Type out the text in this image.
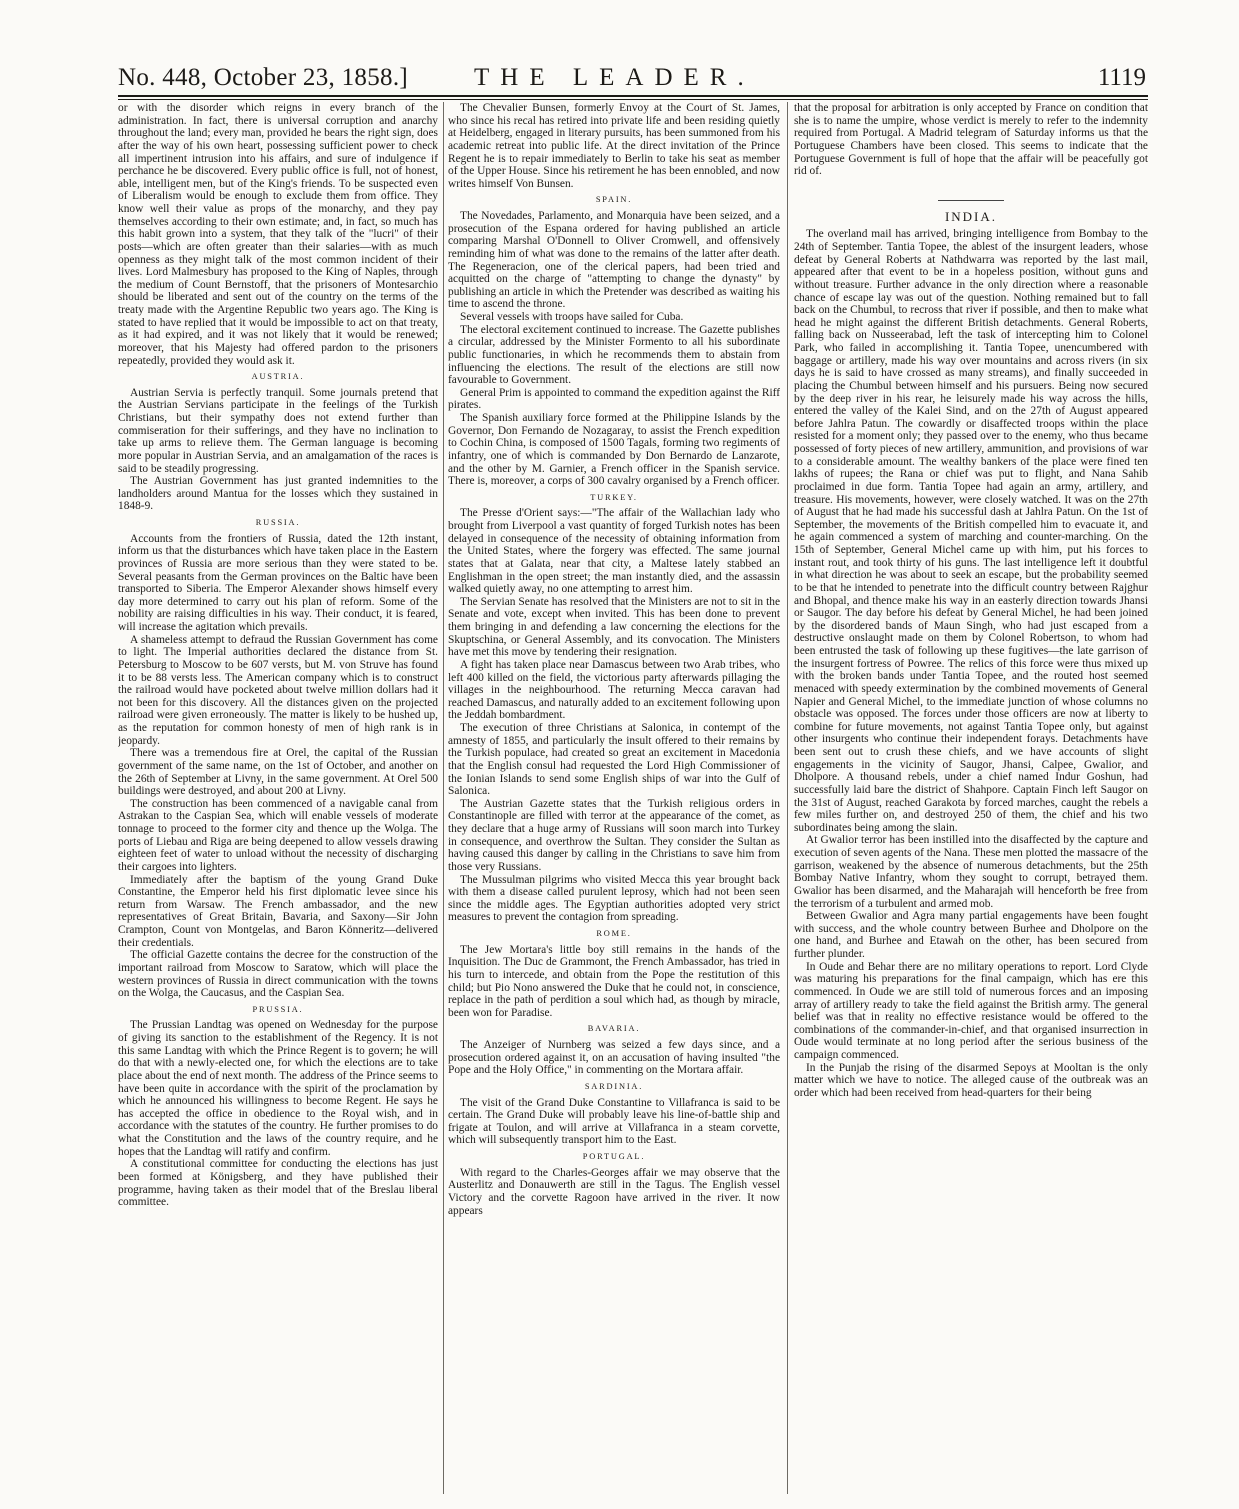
No. 448, October 23, 1858.]	THE LEADER.	1119

or with the disorder which reigns in every branch of the administration. In fact, there is universal corruption and anarchy throughout the land; every man, provided he bears the right sign, does after the way of his own heart, possessing sufficient power to check all impertinent intrusion into his affairs, and sure of indulgence if perchance he be discovered. Every public office is full, not of honest, able, intelligent men, but of the King's friends. To be suspected even of Liberalism would be enough to exclude them from office. They know well their value as props of the monarchy, and they pay themselves according to their own estimate; and, in fact, so much has this habit grown into a system, that they talk of the "lucri" of their posts—which are often greater than their salaries—with as much openness as they might talk of the most common incident of their lives. Lord Malmesbury has proposed to the King of Naples, through the medium of Count Bernstoff, that the prisoners of Montesarchio should be liberated and sent out of the country on the terms of the treaty made with the Argentine Republic two years ago. The King is stated to have replied that it would be impossible to act on that treaty, as it had expired, and it was not likely that it would be renewed; moreover, that his Majesty had offered pardon to the prisoners repeatedly, provided they would ask it.

AUSTRIA.

Austrian Servia is perfectly tranquil. Some journals pretend that the Austrian Servians participate in the feelings of the Turkish Christians, but their sympathy does not extend further than commiseration for their sufferings, and they have no inclination to take up arms to relieve them. The German language is becoming more popular in Austrian Servia, and an amalgamation of the races is said to be steadily progressing.

The Austrian Government has just granted indemnities to the landholders around Mantua for the losses which they sustained in 1848-9.

RUSSIA.

Accounts from the frontiers of Russia, dated the 12th instant, inform us that the disturbances which have taken place in the Eastern provinces of Russia are more serious than they were stated to be. Several peasants from the German provinces on the Baltic have been transported to Siberia. The Emperor Alexander shows himself every day more determined to carry out his plan of reform. Some of the nobility are raising difficulties in his way. Their conduct, it is feared, will increase the agitation which prevails.

A shameless attempt to defraud the Russian Government has come to light. The Imperial authorities declared the distance from St. Petersburg to Moscow to be 607 versts, but M. von Struve has found it to be 88 versts less. The American company which is to construct the railroad would have pocketed about twelve million dollars had it not been for this discovery. All the distances given on the projected railroad were given erroneously. The matter is likely to be hushed up, as the reputation for common honesty of men of high rank is in jeopardy.

There was a tremendous fire at Orel, the capital of the Russian government of the same name, on the 1st of October, and another on the 26th of September at Livny, in the same government. At Orel 500 buildings were destroyed, and about 200 at Livny.

The construction has been commenced of a navigable canal from Astrakan to the Caspian Sea, which will enable vessels of moderate tonnage to proceed to the former city and thence up the Wolga. The ports of Liebau and Riga are being deepened to allow vessels drawing eighteen feet of water to unload without the necessity of discharging their cargoes into lighters.

Immediately after the baptism of the young Grand Duke Constantine, the Emperor held his first diplomatic levee since his return from Warsaw. The French ambassador, and the new representatives of Great Britain, Bavaria, and Saxony—Sir John Crampton, Count von Montgelas, and Baron Könneritz—delivered their credentials.

The official Gazette contains the decree for the construction of the important railroad from Moscow to Saratow, which will place the western provinces of Russia in direct communication with the towns on the Wolga, the Caucasus, and the Caspian Sea.

PRUSSIA.

The Prussian Landtag was opened on Wednesday for the purpose of giving its sanction to the establishment of the Regency. It is not this same Landtag with which the Prince Regent is to govern; he will do that with a newly-elected one, for which the elections are to take place about the end of next month. The address of the Prince seems to have been quite in accordance with the spirit of the proclamation by which he announced his willingness to become Regent. He says he has accepted the office in obedience to the Royal wish, and in accordance with the statutes of the country. He further promises to do what the Constitution and the laws of the country require, and he hopes that the Landtag will ratify and confirm.

A constitutional committee for conducting the elections has just been formed at Königsberg, and they have published their programme, having taken as their model that of the Breslau liberal committee.

The Chevalier Bunsen, formerly Envoy at the Court of St. James, who since his recal has retired into private life and been residing quietly at Heidelberg, engaged in literary pursuits, has been summoned from his academic retreat into public life. At the direct invitation of the Prince Regent he is to repair immediately to Berlin to take his seat as member of the Upper House. Since his retirement he has been ennobled, and now writes himself Von Bunsen.

SPAIN.

The Novedades, Parlamento, and Monarquia have been seized, and a prosecution of the Espana ordered for having published an article comparing Marshal O'Donnell to Oliver Cromwell, and offensively reminding him of what was done to the remains of the latter after death. The Regeneracion, one of the clerical papers, had been tried and acquitted on the charge of "attempting to change the dynasty" by publishing an article in which the Pretender was described as waiting his time to ascend the throne.

Several vessels with troops have sailed for Cuba.

The electoral excitement continued to increase. The Gazette publishes a circular, addressed by the Minister Formento to all his subordinate public functionaries, in which he recommends them to abstain from influencing the elections. The result of the elections are still now favourable to Government.

General Prim is appointed to command the expedition against the Riff pirates.

The Spanish auxiliary force formed at the Philippine Islands by the Governor, Don Fernando de Nozagaray, to assist the French expedition to Cochin China, is composed of 1500 Tagals, forming two regiments of infantry, one of which is commanded by Don Bernardo de Lanzarote, and the other by M. Garnier, a French officer in the Spanish service. There is, moreover, a corps of 300 cavalry organised by a French officer.

TURKEY.

The Presse d'Orient says:—"The affair of the Wallachian lady who brought from Liverpool a vast quantity of forged Turkish notes has been delayed in consequence of the necessity of obtaining information from the United States, where the forgery was effected. The same journal states that at Galata, near that city, a Maltese lately stabbed an Englishman in the open street; the man instantly died, and the assassin walked quietly away, no one attempting to arrest him.

The Servian Senate has resolved that the Ministers are not to sit in the Senate and vote, except when invited. This has been done to prevent them bringing in and defending a law concerning the elections for the Skuptschina, or General Assembly, and its convocation. The Ministers have met this move by tendering their resignation.

A fight has taken place near Damascus between two Arab tribes, who left 400 killed on the field, the victorious party afterwards pillaging the villages in the neighbourhood. The returning Mecca caravan had reached Damascus, and naturally added to an excitement following upon the Jeddah bombardment.

The execution of three Christians at Salonica, in contempt of the amnesty of 1855, and particularly the insult offered to their remains by the Turkish populace, had created so great an excitement in Macedonia that the English consul had requested the Lord High Commissioner of the Ionian Islands to send some English ships of war into the Gulf of Salonica.

The Austrian Gazette states that the Turkish religious orders in Constantinople are filled with terror at the appearance of the comet, as they declare that a huge army of Russians will soon march into Turkey in consequence, and overthrow the Sultan. They consider the Sultan as having caused this danger by calling in the Christians to save him from those very Russians.

The Mussulman pilgrims who visited Mecca this year brought back with them a disease called purulent leprosy, which had not been seen since the middle ages. The Egyptian authorities adopted very strict measures to prevent the contagion from spreading.

ROME.

The Jew Mortara's little boy still remains in the hands of the Inquisition. The Duc de Grammont, the French Ambassador, has tried in his turn to intercede, and obtain from the Pope the restitution of this child; but Pio Nono answered the Duke that he could not, in conscience, replace in the path of perdition a soul which had, as though by miracle, been won for Paradise.

BAVARIA.

The Anzeiger of Nurnberg was seized a few days since, and a prosecution ordered against it, on an accusation of having insulted "the Pope and the Holy Office," in commenting on the Mortara affair.

SARDINIA.

The visit of the Grand Duke Constantine to Villafranca is said to be certain. The Grand Duke will probably leave his line-of-battle ship and frigate at Toulon, and will arrive at Villafranca in a steam corvette, which will subsequently transport him to the East.

PORTUGAL.

With regard to the Charles-Georges affair we may observe that the Austerlitz and Donauwerth are still in the Tagus. The English vessel Victory and the corvette Ragoon have arrived in the river. It now appears

that the proposal for arbitration is only accepted by France on condition that she is to name the umpire, whose verdict is merely to refer to the indemnity required from Portugal. A Madrid telegram of Saturday informs us that the Portuguese Chambers have been closed. This seems to indicate that the Portuguese Government is full of hope that the affair will be peacefully got rid of.

INDIA.

The overland mail has arrived, bringing intelligence from Bombay to the 24th of September. Tantia Topee, the ablest of the insurgent leaders, whose defeat by General Roberts at Nathdwarra was reported by the last mail, appeared after that event to be in a hopeless position, without guns and without treasure. Further advance in the only direction where a reasonable chance of escape lay was out of the question. Nothing remained but to fall back on the Chumbul, to recross that river if possible, and then to make what head he might against the different British detachments. General Roberts, falling back on Nusseerabad, left the task of intercepting him to Colonel Park, who failed in accomplishing it. Tantia Topee, unencumbered with baggage or artillery, made his way over mountains and across rivers (in six days he is said to have crossed as many streams), and finally succeeded in placing the Chumbul between himself and his pursuers. Being now secured by the deep river in his rear, he leisurely made his way across the hills, entered the valley of the Kalei Sind, and on the 27th of August appeared before Jahlra Patun. The cowardly or disaffected troops within the place resisted for a moment only; they passed over to the enemy, who thus became possessed of forty pieces of new artillery, ammunition, and provisions of war to a considerable amount. The wealthy bankers of the place were fined ten lakhs of rupees; the Rana or chief was put to flight, and Nana Sahib proclaimed in due form. Tantia Topee had again an army, artillery, and treasure. His movements, however, were closely watched. It was on the 27th of August that he had made his successful dash at Jahlra Patun. On the 1st of September, the movements of the British compelled him to evacuate it, and he again commenced a system of marching and counter-marching. On the 15th of September, General Michel came up with him, put his forces to instant rout, and took thirty of his guns. The last intelligence left it doubtful in what direction he was about to seek an escape, but the probability seemed to be that he intended to penetrate into the difficult country between Rajghur and Bhopal, and thence make his way in an easterly direction towards Jhansi or Saugor. The day before his defeat by General Michel, he had been joined by the disordered bands of Maun Singh, who had just escaped from a destructive onslaught made on them by Colonel Robertson, to whom had been entrusted the task of following up these fugitives—the late garrison of the insurgent fortress of Powree. The relics of this force were thus mixed up with the broken bands under Tantia Topee, and the routed host seemed menaced with speedy extermination by the combined movements of General Napier and General Michel, to the immediate junction of whose columns no obstacle was opposed. The forces under those officers are now at liberty to combine for future movements, not against Tantia Topee only, but against other insurgents who continue their independent forays. Detachments have been sent out to crush these chiefs, and we have accounts of slight engagements in the vicinity of Saugor, Jhansi, Calpee, Gwalior, and Dholpore. A thousand rebels, under a chief named Indur Goshun, had successfully laid bare the district of Shahpore. Captain Finch left Saugor on the 31st of August, reached Garakota by forced marches, caught the rebels a few miles further on, and destroyed 250 of them, the chief and his two subordinates being among the slain.

At Gwalior terror has been instilled into the disaffected by the capture and execution of seven agents of the Nana. These men plotted the massacre of the garrison, weakened by the absence of numerous detachments, but the 25th Bombay Native Infantry, whom they sought to corrupt, betrayed them. Gwalior has been disarmed, and the Maharajah will henceforth be free from the terrorism of a turbulent and armed mob.

Between Gwalior and Agra many partial engagements have been fought with success, and the whole country between Burhee and Dholpore on the one hand, and Burhee and Etawah on the other, has been secured from further plunder.

In Oude and Behar there are no military operations to report. Lord Clyde was maturing his preparations for the final campaign, which has ere this commenced. In Oude we are still told of numerous forces and an imposing array of artillery ready to take the field against the British army. The general belief was that in reality no effective resistance would be offered to the combinations of the commander-in-chief, and that organised insurrection in Oude would terminate at no long period after the serious business of the campaign commenced.

In the Punjab the rising of the disarmed Sepoys at Mooltan is the only matter which we have to notice. The alleged cause of the outbreak was an order which had been received from head-quarters for their being
